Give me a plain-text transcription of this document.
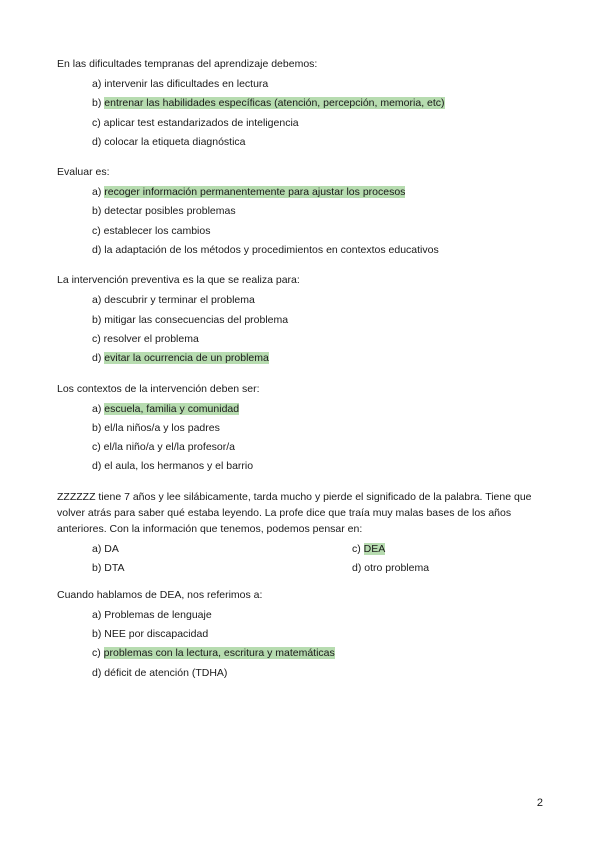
En las dificultades tempranas del aprendizaje debemos:
a) intervenir las dificultades en lectura
b) entrenar las habilidades específicas (atención, percepción, memoria, etc)
c) aplicar test estandarizados de inteligencia
d) colocar la etiqueta diagnóstica
Evaluar es:
a) recoger información permanentemente para ajustar los procesos
b) detectar posibles problemas
c) establecer los cambios
d) la adaptación de los métodos y procedimientos en contextos educativos
La intervención preventiva es la que se realiza para:
a) descubrir y terminar el problema
b) mitigar las consecuencias del problema
c) resolver el problema
d) evitar la ocurrencia de un problema
Los contextos de la intervención deben ser:
a) escuela, familia y comunidad
b) el/la niños/a y los padres
c) el/la niño/a y el/la profesor/a
d) el aula, los hermanos y el barrio
ZZZZZZ tiene 7 años y lee silábicamente, tarda mucho y pierde el significado de la palabra. Tiene que volver atrás para saber qué estaba leyendo. La profe dice que traía muy malas bases de los años anteriores. Con la información que tenemos, podemos pensar en:
a) DA	c) DEA
b) DTA	d) otro problema
Cuando hablamos de DEA, nos referimos a:
a) Problemas de lenguaje
b) NEE por discapacidad
c) problemas con la lectura, escritura y matemáticas
d) déficit de atención (TDHA)
2
